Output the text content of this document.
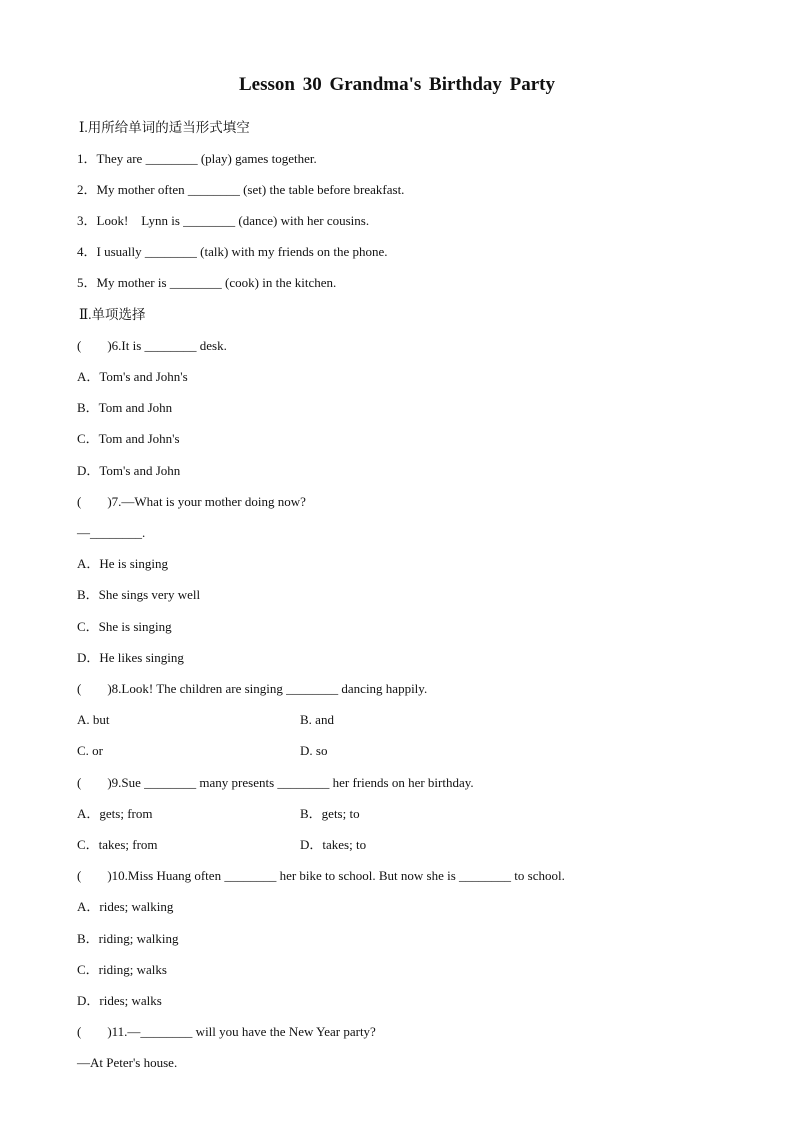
Lesson 30 Grandma's Birthday Party
Ⅰ.用所给单词的适当形式填空
1．They are ________ (play) games together.
2．My mother often ________ (set) the table before breakfast.
3．Look!    Lynn is ________ (dance) with her cousins.
4．I usually ________ (talk) with my friends on the phone.
5．My mother is ________ (cook) in the kitchen.
Ⅱ.单项选择
(        )6.It is ________ desk.
A．Tom's and John's
B．Tom and John
C．Tom and John's
D．Tom's and John
(        )7.—What is your mother doing now?
—________.
A．He is singing
B．She sings very well
C．She is singing
D．He likes singing
(        )8.Look! The children are singing ________ dancing happily.
A. but	B. and
C. or	D. so
(        )9.Sue ________ many presents ________ her friends on her birthday.
A．gets; from	B．gets; to
C．takes; from	D．takes; to
(        )10.Miss Huang often ________ her bike to school. But now she is ________ to school.
A．rides; walking
B．riding; walking
C．riding; walks
D．rides; walks
(        )11.—________ will you have the New Year party?
—At Peter's house.
